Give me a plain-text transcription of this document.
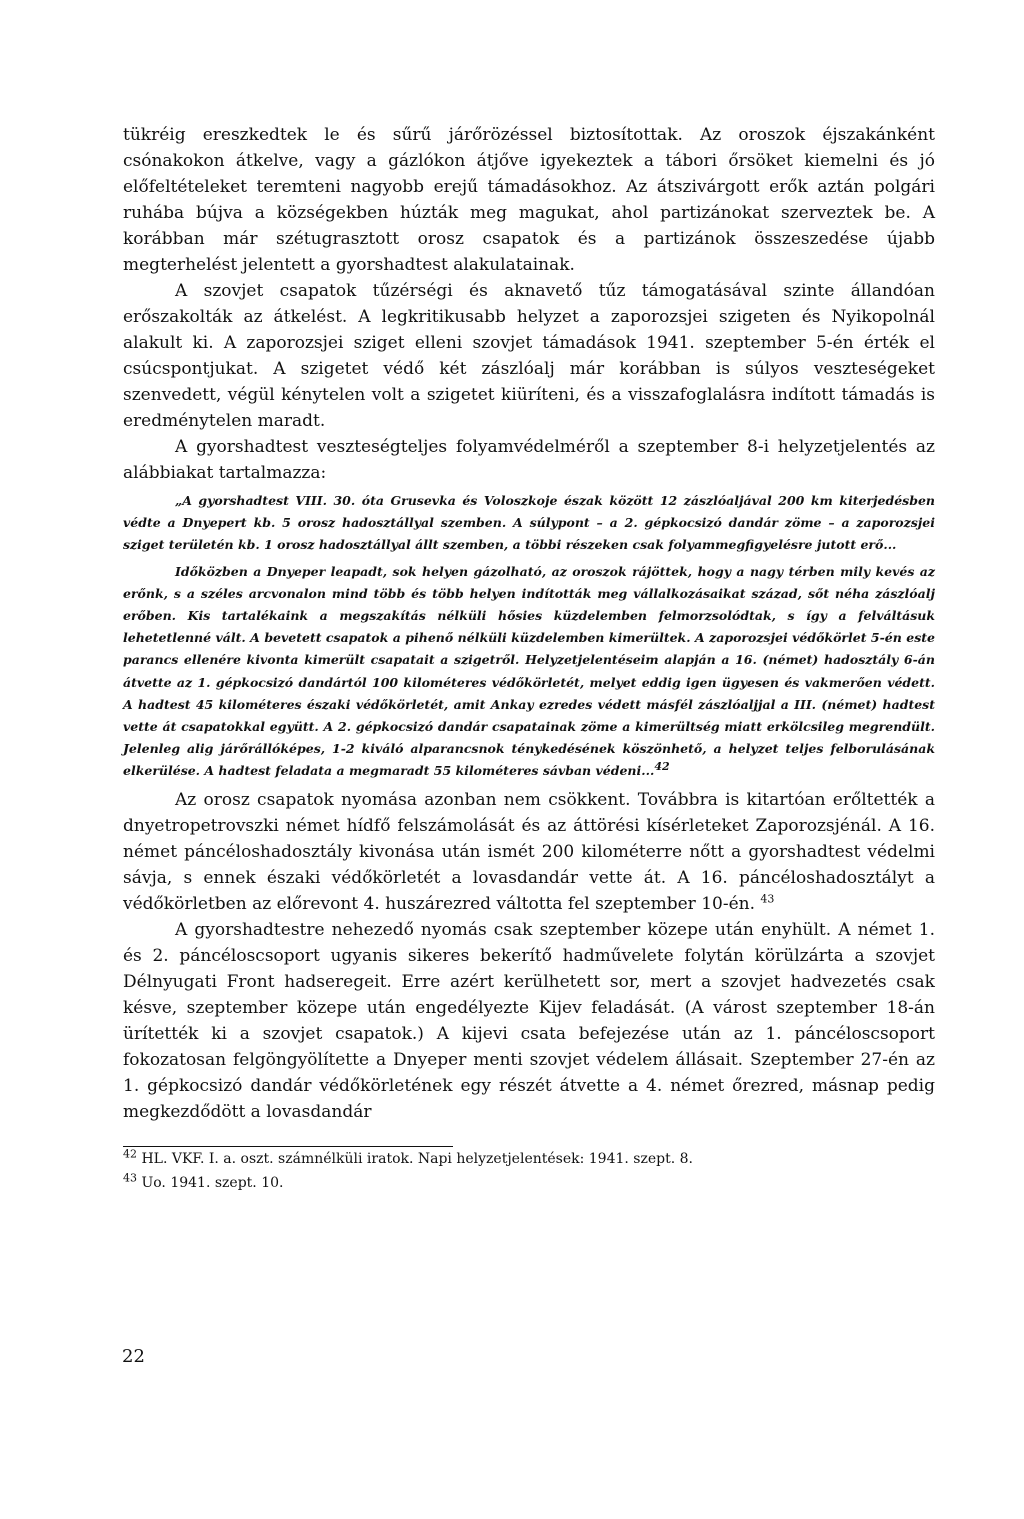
tükréig ereszkedtek le és sűrű járőrözéssel biztosítottak. Az oroszok éjszakánként csónakokon átkelve, vagy a gázlókon átjőve igyekeztek a tábori őrsöket kiemelni és jó előfeltételeket teremteni nagyobb erejű támadásokhoz. Az átszivárgott erők aztán polgári ruhába bújva a községekben húzták meg magukat, ahol partizánokat szerveztek be. A korábban már szétugrasztott orosz csapatok és a partizánok összeszedése újabb megterhelést jelentett a gyorshadtest alakulatainak.

A szovjet csapatok tűzérségi és aknavető tűz támogatásával szinte állandóan erőszakolták az átkelést. A legkritikusabb helyzet a zaporozsjei szigeten és Nyikopolnál alakult ki. A zaporozsjei sziget elleni szovjet támadások 1941. szeptember 5-én érték el csúcspontjukat. A szigetet védő két zászlóalj már korábban is súlyos veszteségeket szenvedett, végül kénytelen volt a szigetet kiüríteni, és a visszafoglalásra indított támadás is eredménytelen maradt.

A gyorshadtest veszteségteljes folyamvédelméről a szeptember 8-i helyzetjelentés az alábbiakat tartalmazza:

„A gyorshadtest VIII. 30. óta Grusevka és Voloszkoje észak között 12 zászlóaljával 200 km kiterjedésben védte a Dnyepert kb. 5 orosz hadosztállyal szemben. A súlypont – a 2. gépkocsizó dandár zöme – a zaporozsjei sziget területén kb. 1 orosz hadosztállyal állt szemben, a többi részeken csak folyammegfigyelésre jutott erő...

Időközben a Dnyeper leapadt, sok helyen gázolható, az oroszok rájöttek, hogy a nagy térben mily kevés az erőnk, s a széles arcvonalon mind több és több helyen indították meg vállalkozásaikat század, sőt néha zászlóalj erőben. Kis tartalékaink a megszakítás nélküli hősies küzdelemben felmorzsolódtak, s így a felváltásuk lehetetlenné vált. A bevetett csapatok a pihenő nélküli küzdelemben kimerültek. A zaporozsjei védőkörlet 5-én este parancs ellenére kivonta kimerült csapatait a szigetről. Helyzetjelentéseim alapján a 16. (német) hadosztály 6-án átvette az 1. gépkocsizó dandártól 100 kilométeres védőkörletét, melyet eddig igen ügyesen és vakmerően védett. A hadtest 45 kilométeres északi védőkörletét, amit Ankay ezredes védett másfél zászlóaljjal a III. (német) hadtest vette át csapatokkal együtt. A 2. gépkocsizó dandár csapatainak zöme a kimerültség miatt erkölcsileg megrendült. Jelenleg alig járőrállóképes, 1-2 kiváló alparancsnok ténykedésének köszönhető, a helyzet teljes felborulásának elkerülése. A hadtest feladata a megmaradt 55 kilométeres sávban védeni...$^{42}$

Az orosz csapatok nyomása azonban nem csökkent. Továbbra is kitartóan erőltették a dnyetropetrovszki német hídfő felszámolását és az áttörési kísérleteket Zaporozsjénál. A 16. német páncéloshadosztály kivonása után ismét 200 kilométerre nőtt a gyorshadtest védelmi sávja, s ennek északi védőkörletét a lovasdandár vette át. A 16. páncéloshadosztályt a védőkörletben az előrevont 4. huszárezred váltotta fel szeptember 10-én. $^{43}$

A gyorshadtestre nehezedő nyomás csak szeptember közepe után enyhült. A német 1. és 2. páncéloscsoport ugyanis sikeres bekerítő hadművelete folytán körülzárta a szovjet Délnyugati Front hadseregeit. Erre azért kerülhetett sor, mert a szovjet hadvezetés csak késve, szeptember közepe után engedélyezte Kijev feladását. (A várost szeptember 18-án ürítették ki a szovjet csapatok.) A kijevi csata befejezése után az 1. páncéloscsoport fokozatosan felgöngyölítette a Dnyeper menti szovjet védelem állásait. Szeptember 27-én az 1. gépkocsizó dandár védőkörletének egy részét átvette a 4. német őrezred, másnap pedig megkezdődött a lovasdandár

$^{42}$ HL. VKF. I. a. oszt. számnélküli iratok. Napi helyzetjelentések: 1941. szept. 8.

$^{43}$ Uo. 1941. szept. 10.

22
